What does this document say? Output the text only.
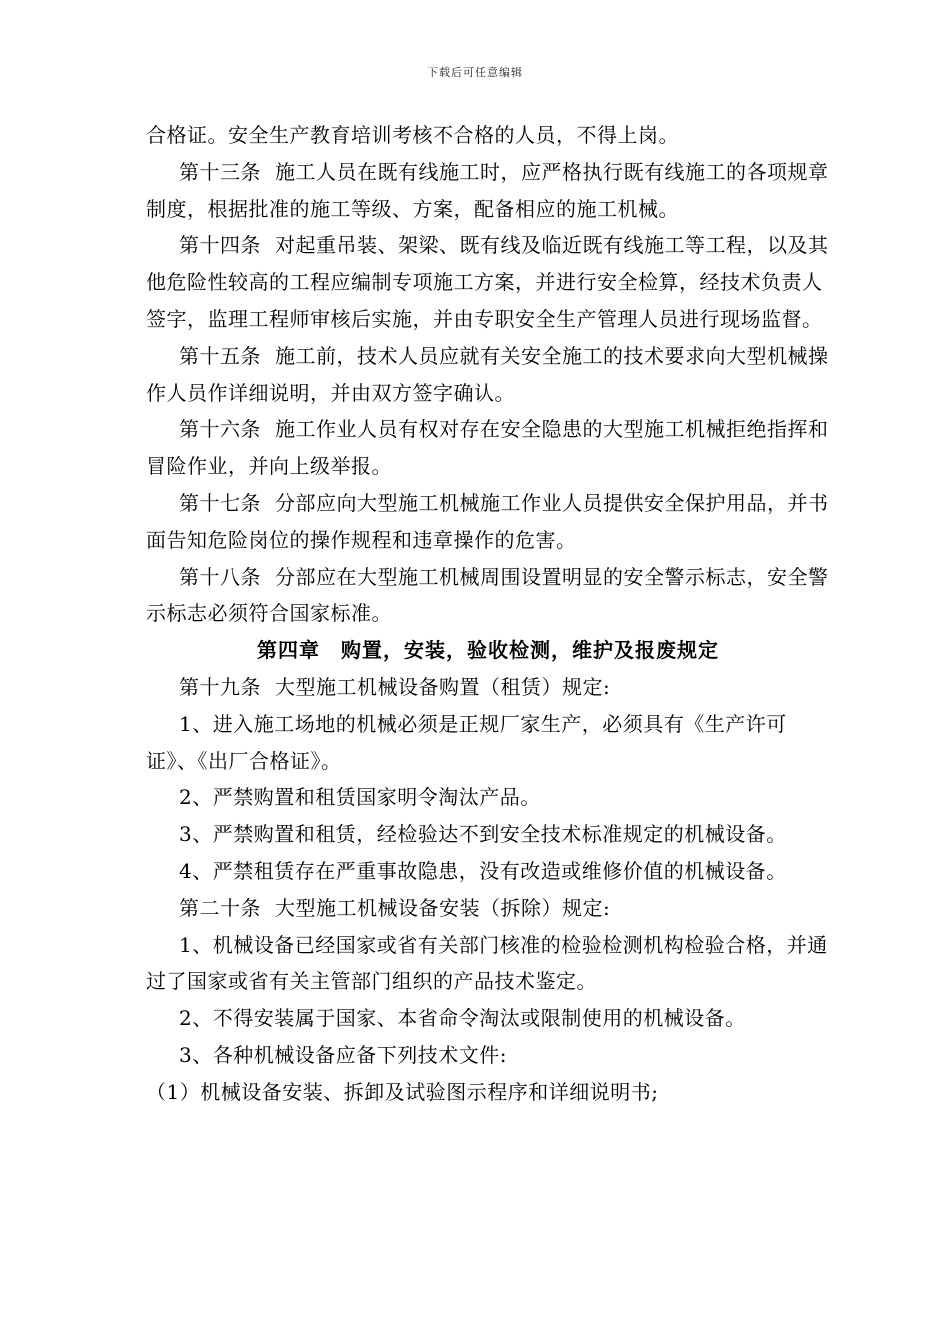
下载后可任意编辑

合格证。安全生产教育培训考核不合格的人员，不得上岗。

第十三条 施工人员在既有线施工时，应严格执行既有线施工的各项规章制度，根据批准的施工等级、方案，配备相应的施工机械。

第十四条 对起重吊装、架梁、既有线及临近既有线施工等工程，以及其他危险性较高的工程应编制专项施工方案，并进行安全检算，经技术负责人签字，监理工程师审核后实施，并由专职安全生产管理人员进行现场监督。

第十五条 施工前，技术人员应就有关安全施工的技术要求向大型机械操作人员作详细说明，并由双方签字确认。

第十六条 施工作业人员有权对存在安全隐患的大型施工机械拒绝指挥和冒险作业，并向上级举报。

第十七条 分部应向大型施工机械施工作业人员提供安全保护用品，并书面告知危险岗位的操作规程和违章操作的危害。

第十八条 分部应在大型施工机械周围设置明显的安全警示标志，安全警示标志必须符合国家标准。

第四章　购置，安装，验收检测，维护及报废规定

第十九条 大型施工机械设备购置（租赁）规定:

1、进入施工场地的机械必须是正规厂家生产，必须具有《生产许可证》、《出厂合格证》。

2、严禁购置和租赁国家明令淘汰产品。

3、严禁购置和租赁，经检验达不到安全技术标准规定的机械设备。

4、严禁租赁存在严重事故隐患，没有改造或维修价值的机械设备。

第二十条 大型施工机械设备安装（拆除）规定:

1、机械设备已经国家或省有关部门核准的检验检测机构检验合格，并通过了国家或省有关主管部门组织的产品技术鉴定。

2、不得安装属于国家、本省命令淘汰或限制使用的机械设备。

3、各种机械设备应备下列技术文件:

（1）机械设备安装、拆卸及试验图示程序和详细说明书;
